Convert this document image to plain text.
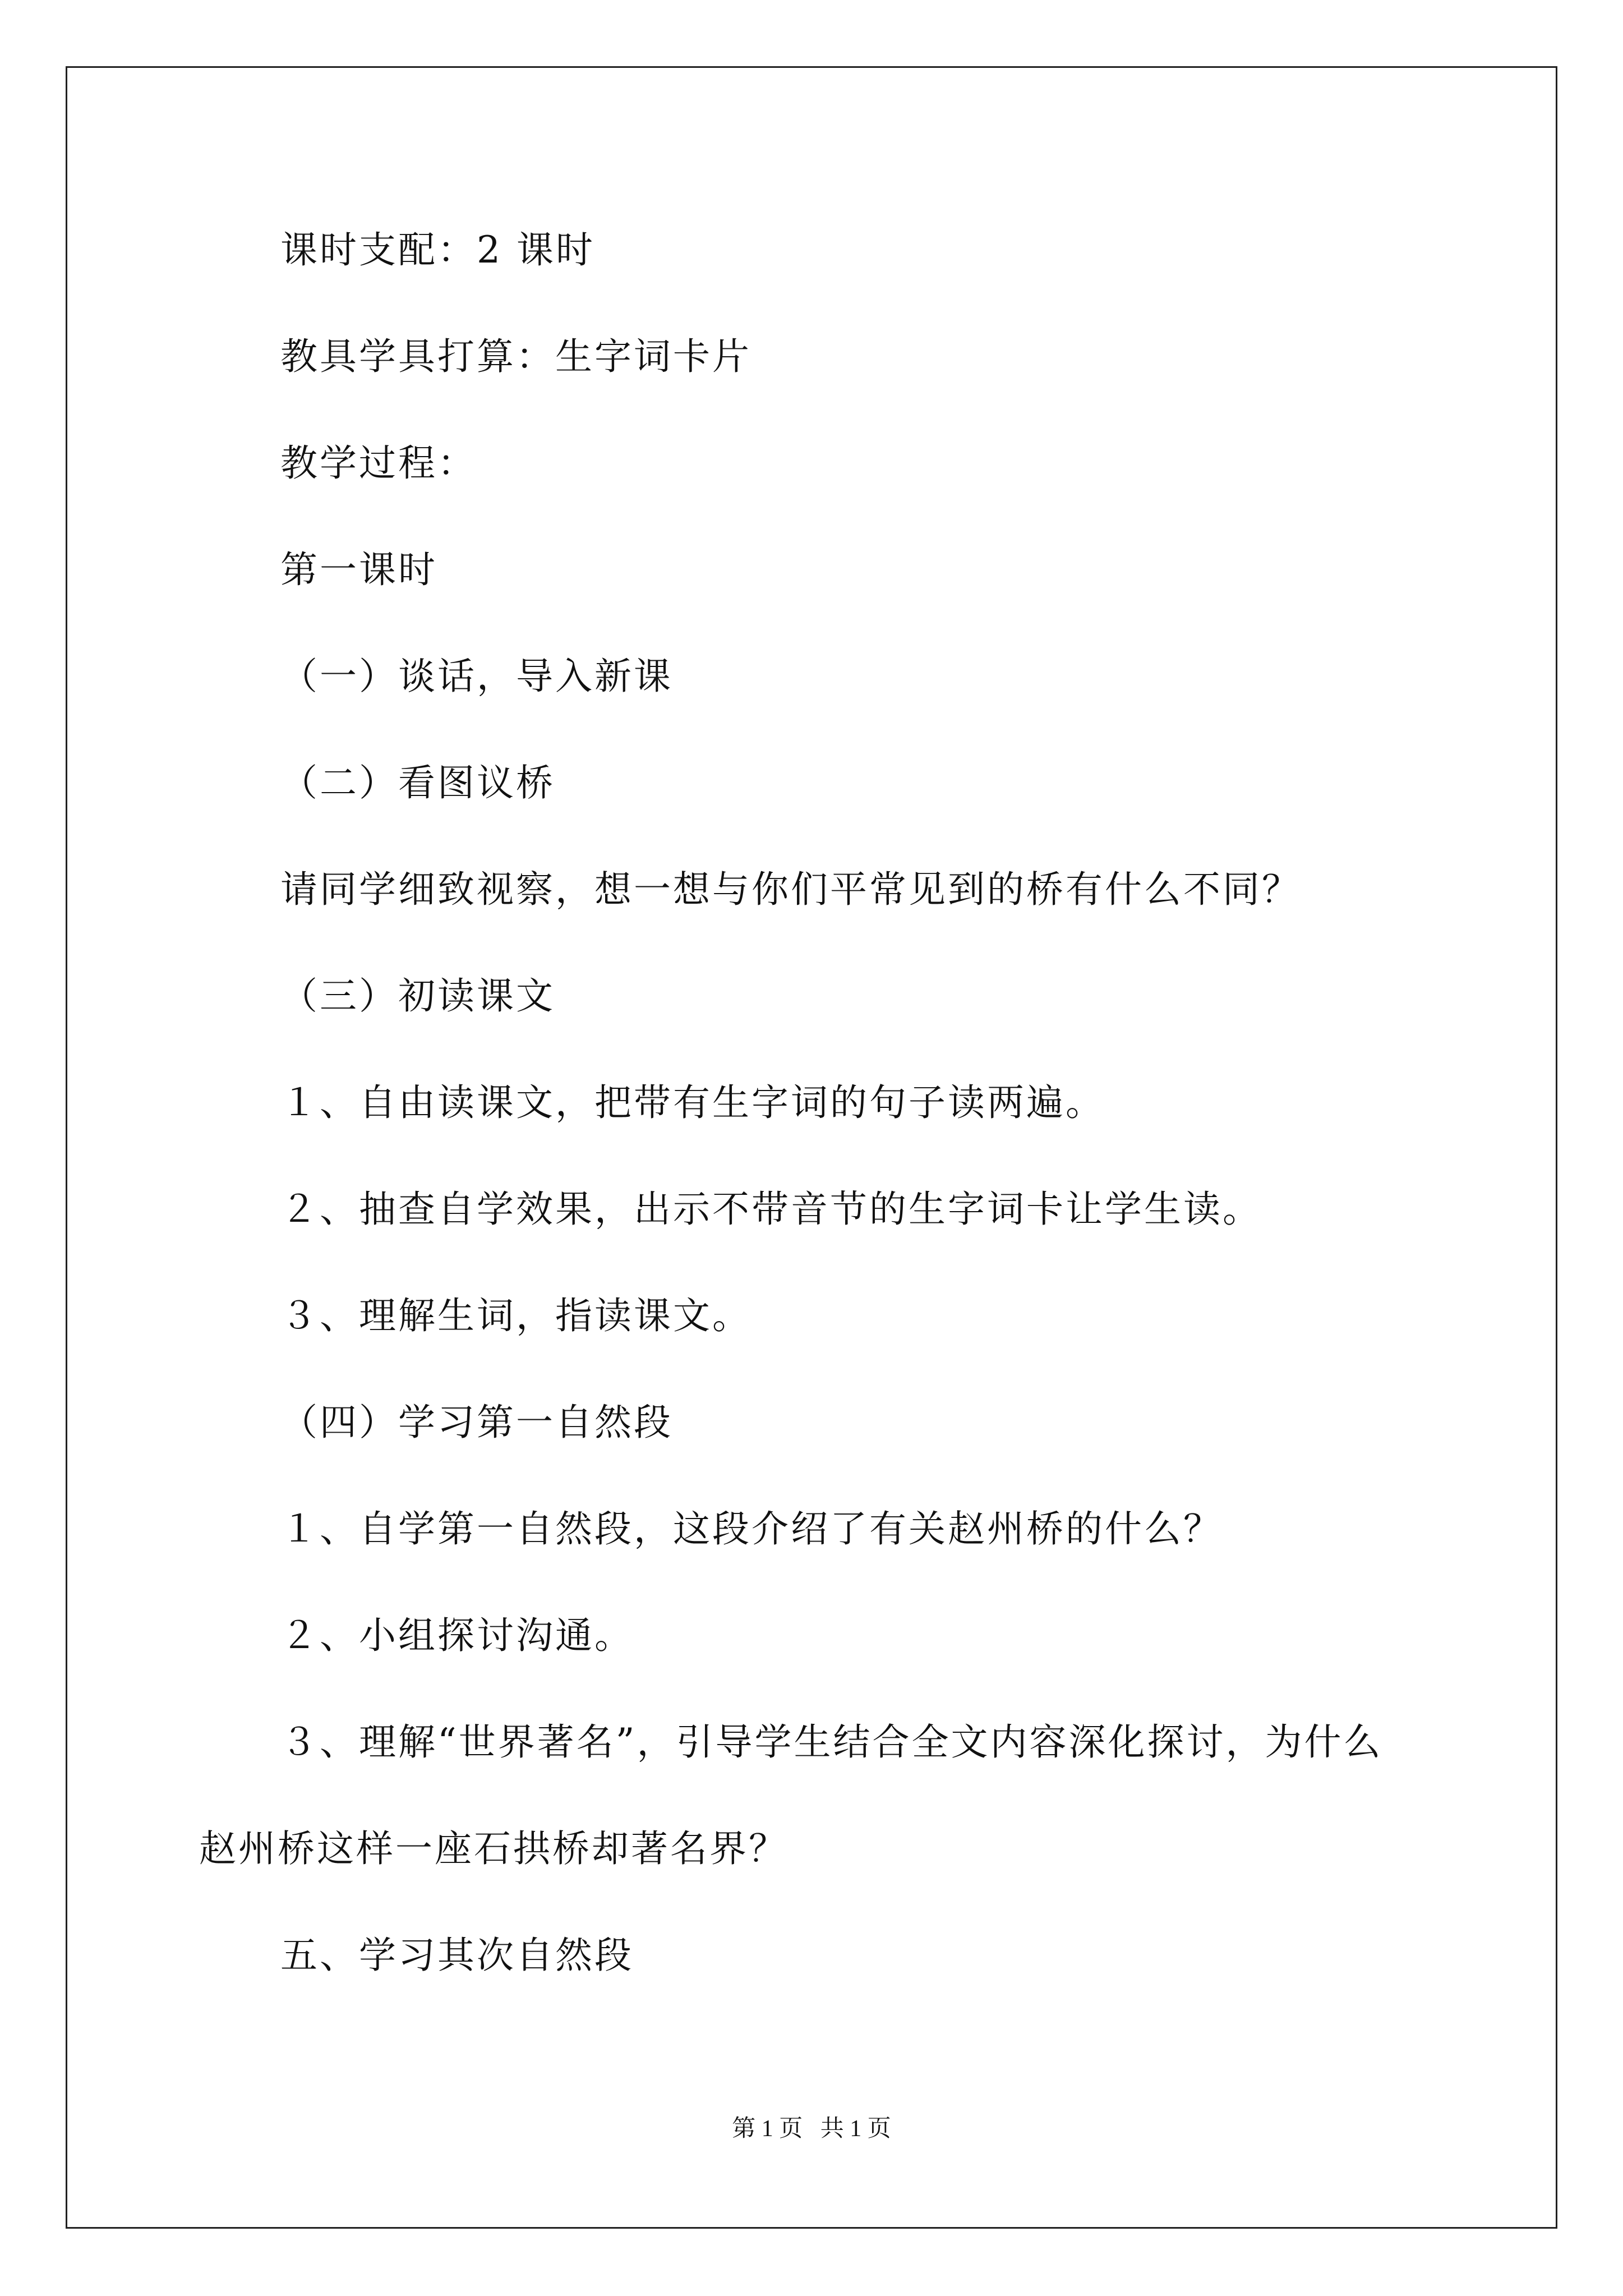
课时支配：2 课时
教具学具打算：生字词卡片
教学过程：
第一课时
（一）谈话，导入新课
（二）看图议桥
请同学细致视察，想一想与你们平常见到的桥有什么不同？
（三）初读课文
１、自由读课文，把带有生字词的句子读两遍。
２、抽查自学效果，出示不带音节的生字词卡让学生读。
３、理解生词，指读课文。
（四）学习第一自然段
１、自学第一自然段，这段介绍了有关赵州桥的什么？
２、小组探讨沟通。
３、理解“世界著名”，引导学生结合全文内容深化探讨，为什么
赵州桥这样一座石拱桥却著名界？
五、学习其次自然段
第 1 页   共 1 页
